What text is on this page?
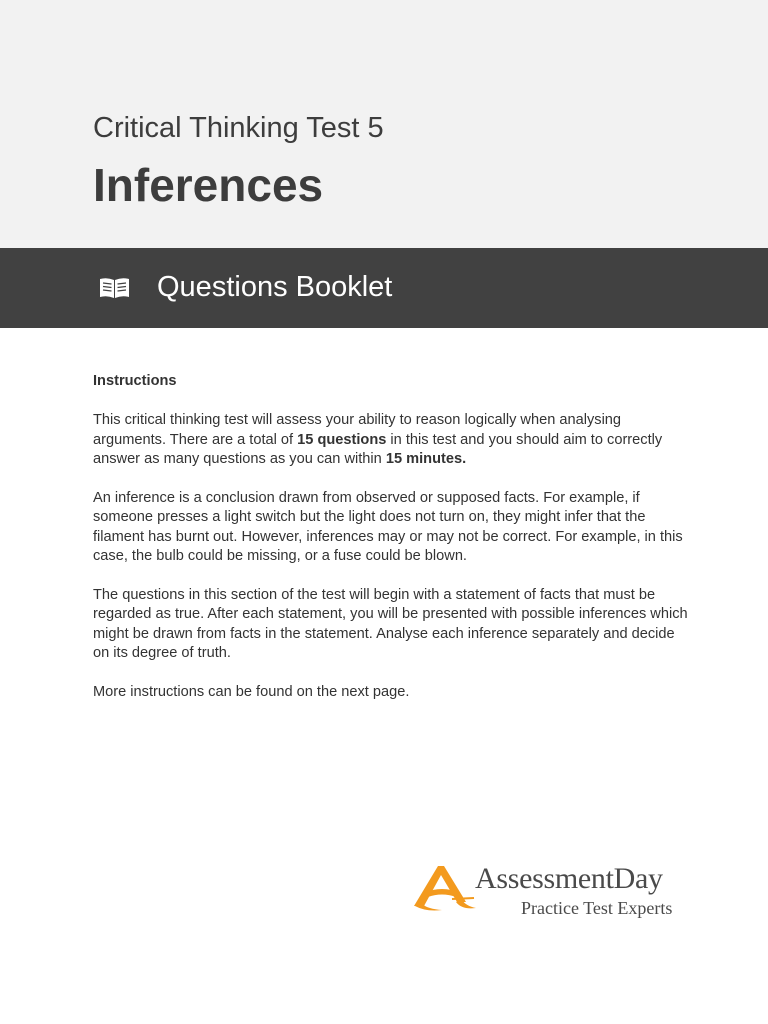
Critical Thinking Test 5
Inferences
Questions Booklet
Instructions

This critical thinking test will assess your ability to reason logically when analysing arguments. There are a total of 15 questions in this test and you should aim to correctly answer as many questions as you can within 15 minutes.

An inference is a conclusion drawn from observed or supposed facts. For example, if someone presses a light switch but the light does not turn on, they might infer that the filament has burnt out. However, inferences may or may not be correct. For example, in this case, the bulb could be missing, or a fuse could be blown.

The questions in this section of the test will begin with a statement of facts that must be regarded as true. After each statement, you will be presented with possible inferences which might be drawn from facts in the statement. Analyse each inference separately and decide on its degree of truth.

More instructions can be found on the next page.

AssessmentDay
Practice Test Experts
